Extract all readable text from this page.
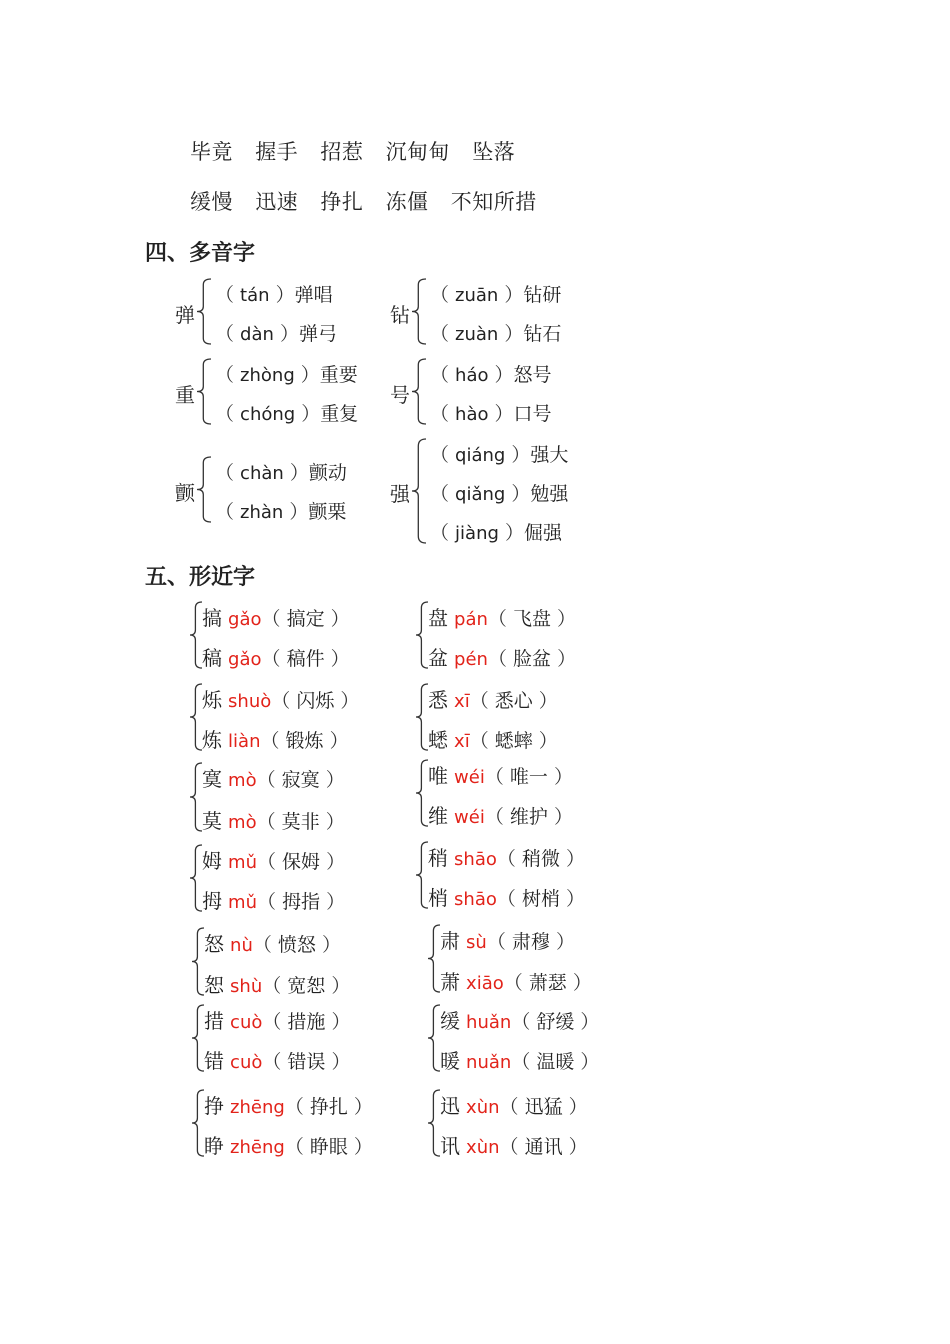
毕竟 握手 招惹 沉甸甸 坠落
缓慢 迅速 挣扎 冻僵 不知所措
四、多音字
弹
（ tán ）弹唱
（ dàn ）弹弓
钻
（ zuān ）钻研
（ zuàn ）钻石
重
（ zhòng ）重要
（ chóng ）重复
号
（ háo ）怒号
（ hào ）口号
颤
（ chàn ）颤动
（ zhàn ）颤栗
强
（ qiáng ）强大
（ qiǎng ）勉强
（ jiàng ）倔强
五、形近字
搞 gǎo（ 搞定 ）
稿 gǎo（ 稿件 ）
盘 pán（ 飞盘 ）
盆 pén（ 脸盆 ）
烁 shuò（ 闪烁 ）
炼 liàn（ 锻炼 ）
悉 xī（ 悉心 ）
蟋 xī（ 蟋蟀 ）
寞 mò（ 寂寞 ）
莫 mò（ 莫非 ）
唯 wéi（ 唯一 ）
维 wéi（ 维护 ）
姆 mǔ（ 保姆 ）
拇 mǔ（ 拇指 ）
稍 shāo（ 稍微 ）
梢 shāo（ 树梢 ）
怒 nù（ 愤怒 ）
恕 shù（ 宽恕 ）
肃 sù（ 肃穆 ）
萧 xiāo（ 萧瑟 ）
措 cuò（ 措施 ）
错 cuò（ 错误 ）
缓 huǎn（ 舒缓 ）
暖 nuǎn（ 温暖 ）
挣 zhēng（ 挣扎 ）
睁 zhēng（ 睁眼 ）
迅 xùn（ 迅猛 ）
讯 xùn（ 通讯 ）
